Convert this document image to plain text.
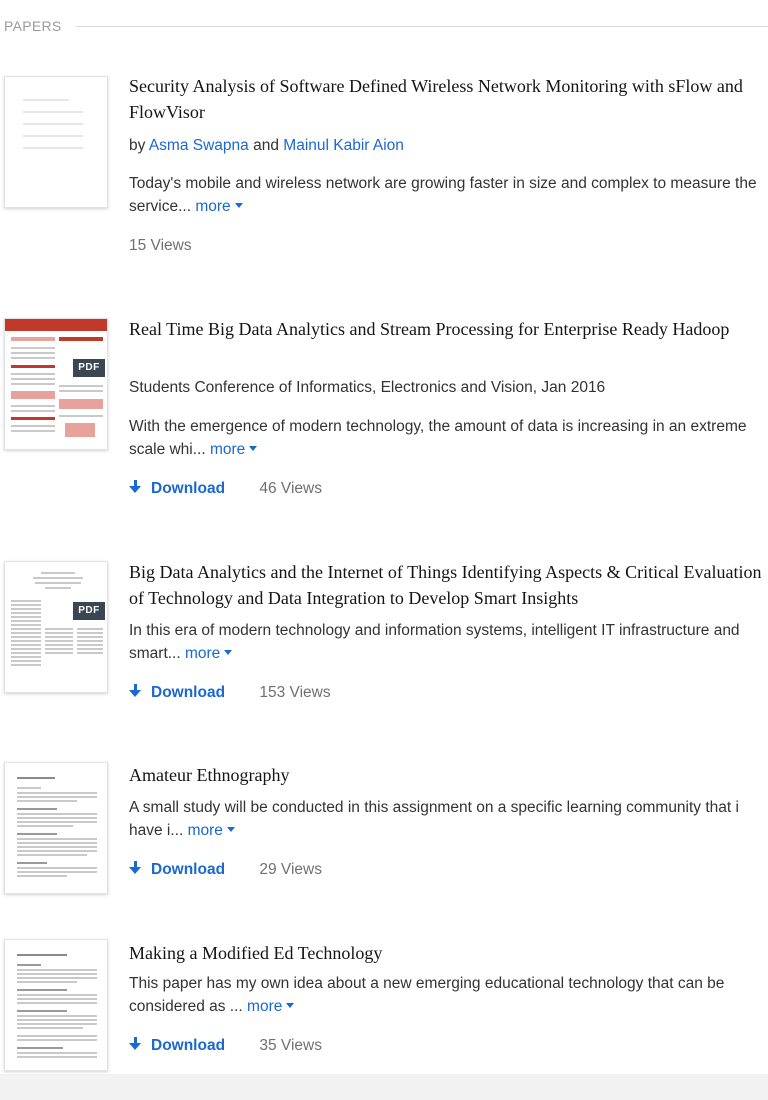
PAPERS
Security Analysis of Software Defined Wireless Network Monitoring with sFlow and FlowVisor
by Asma Swapna and Mainul Kabir Aion
Today's mobile and wireless network are growing faster in size and complex to measure the service... more
15 Views
PDF
Real Time Big Data Analytics and Stream Processing for Enterprise Ready Hadoop
Students Conference of Informatics, Electronics and Vision, Jan 2016
With the emergence of modern technology, the amount of data is increasing in an extreme scale whi... more
Download 46 Views
PDF
Big Data Analytics and the Internet of Things Identifying Aspects & Critical Evaluation of Technology and Data Integration to Develop Smart Insights
In this era of modern technology and information systems, intelligent IT infrastructure and smart... more
Download 153 Views
Amateur Ethnography
A small study will be conducted in this assignment on a specific learning community that i have i... more
Download 29 Views
Making a Modified Ed Technology
This paper has my own idea about a new emerging educational technology that can be considered as ... more
Download 35 Views
